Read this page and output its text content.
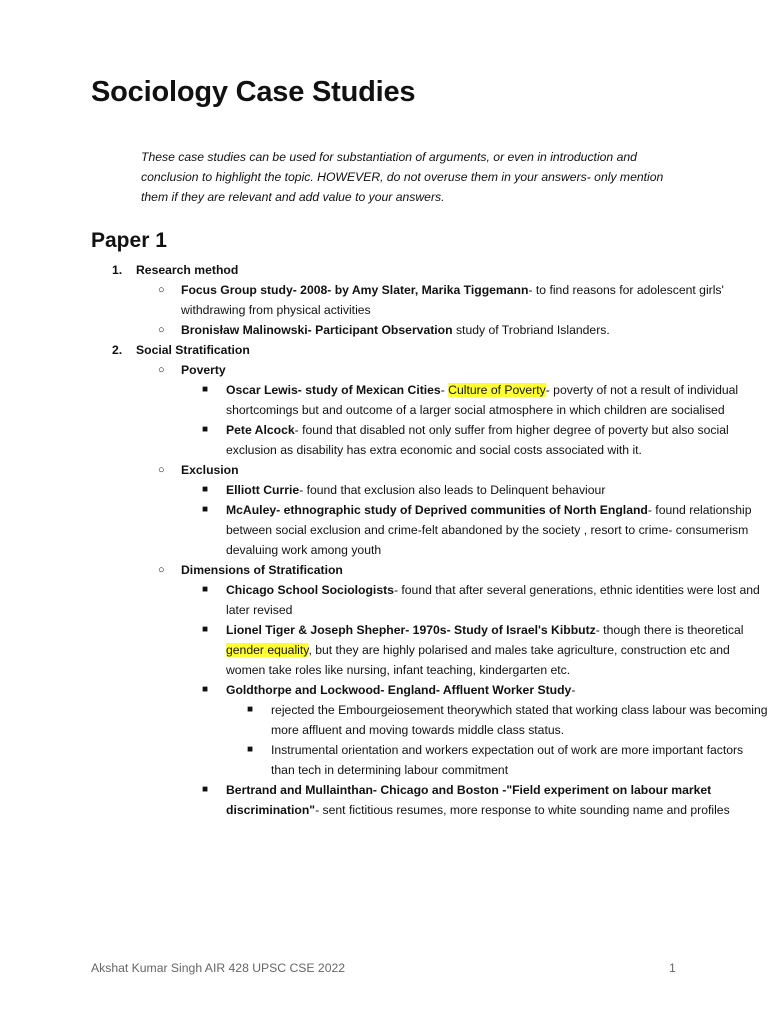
Sociology Case Studies

These case studies can be used for substantiation of arguments, or even in introduction and conclusion to highlight the topic. HOWEVER, do not overuse them in your answers- only mention them if they are relevant and add value to your answers.

Paper 1
1. Research method
○ Focus Group study- 2008- by Amy Slater, Marika Tiggemann- to find reasons for adolescent girls' withdrawing from physical activities
○ Bronisław Malinowski- Participant Observation study of Trobriand Islanders.
2. Social Stratification
○ Poverty
■ Oscar Lewis- study of Mexican Cities- Culture of Poverty- poverty of not a result of individual shortcomings but and outcome of a larger social atmosphere in which children are socialised
■ Pete Alcock- found that disabled not only suffer from higher degree of poverty but also social exclusion as disability has extra economic and social costs associated with it.
○ Exclusion
■ Elliott Currie- found that exclusion also leads to Delinquent behaviour
■ McAuley- ethnographic study of Deprived communities of North England- found relationship between social exclusion and crime-felt abandoned by the society , resort to crime- consumerism devaluing work among youth
○ Dimensions of Stratification
■ Chicago School Sociologists- found that after several generations, ethnic identities were lost and later revised
■ Lionel Tiger & Joseph Shepher- 1970s- Study of Israel's Kibbutz- though there is theoretical gender equality, but they are highly polarised and males take agriculture, construction etc and women take roles like nursing, infant teaching, kindergarten etc.
■ Goldthorpe and Lockwood- England- Affluent Worker Study-
■ rejected the Embourgeiosement theorywhich stated that working class labour was becoming more affluent and moving towards middle class status.
■ Instrumental orientation and workers expectation out of work are more important factors than tech in determining labour commitment
■ Bertrand and Mullainthan- Chicago and Boston -"Field experiment on labour market discrimination"- sent fictitious resumes, more response to white sounding name and profiles
Akshat Kumar Singh AIR 428 UPSC CSE 2022	1
